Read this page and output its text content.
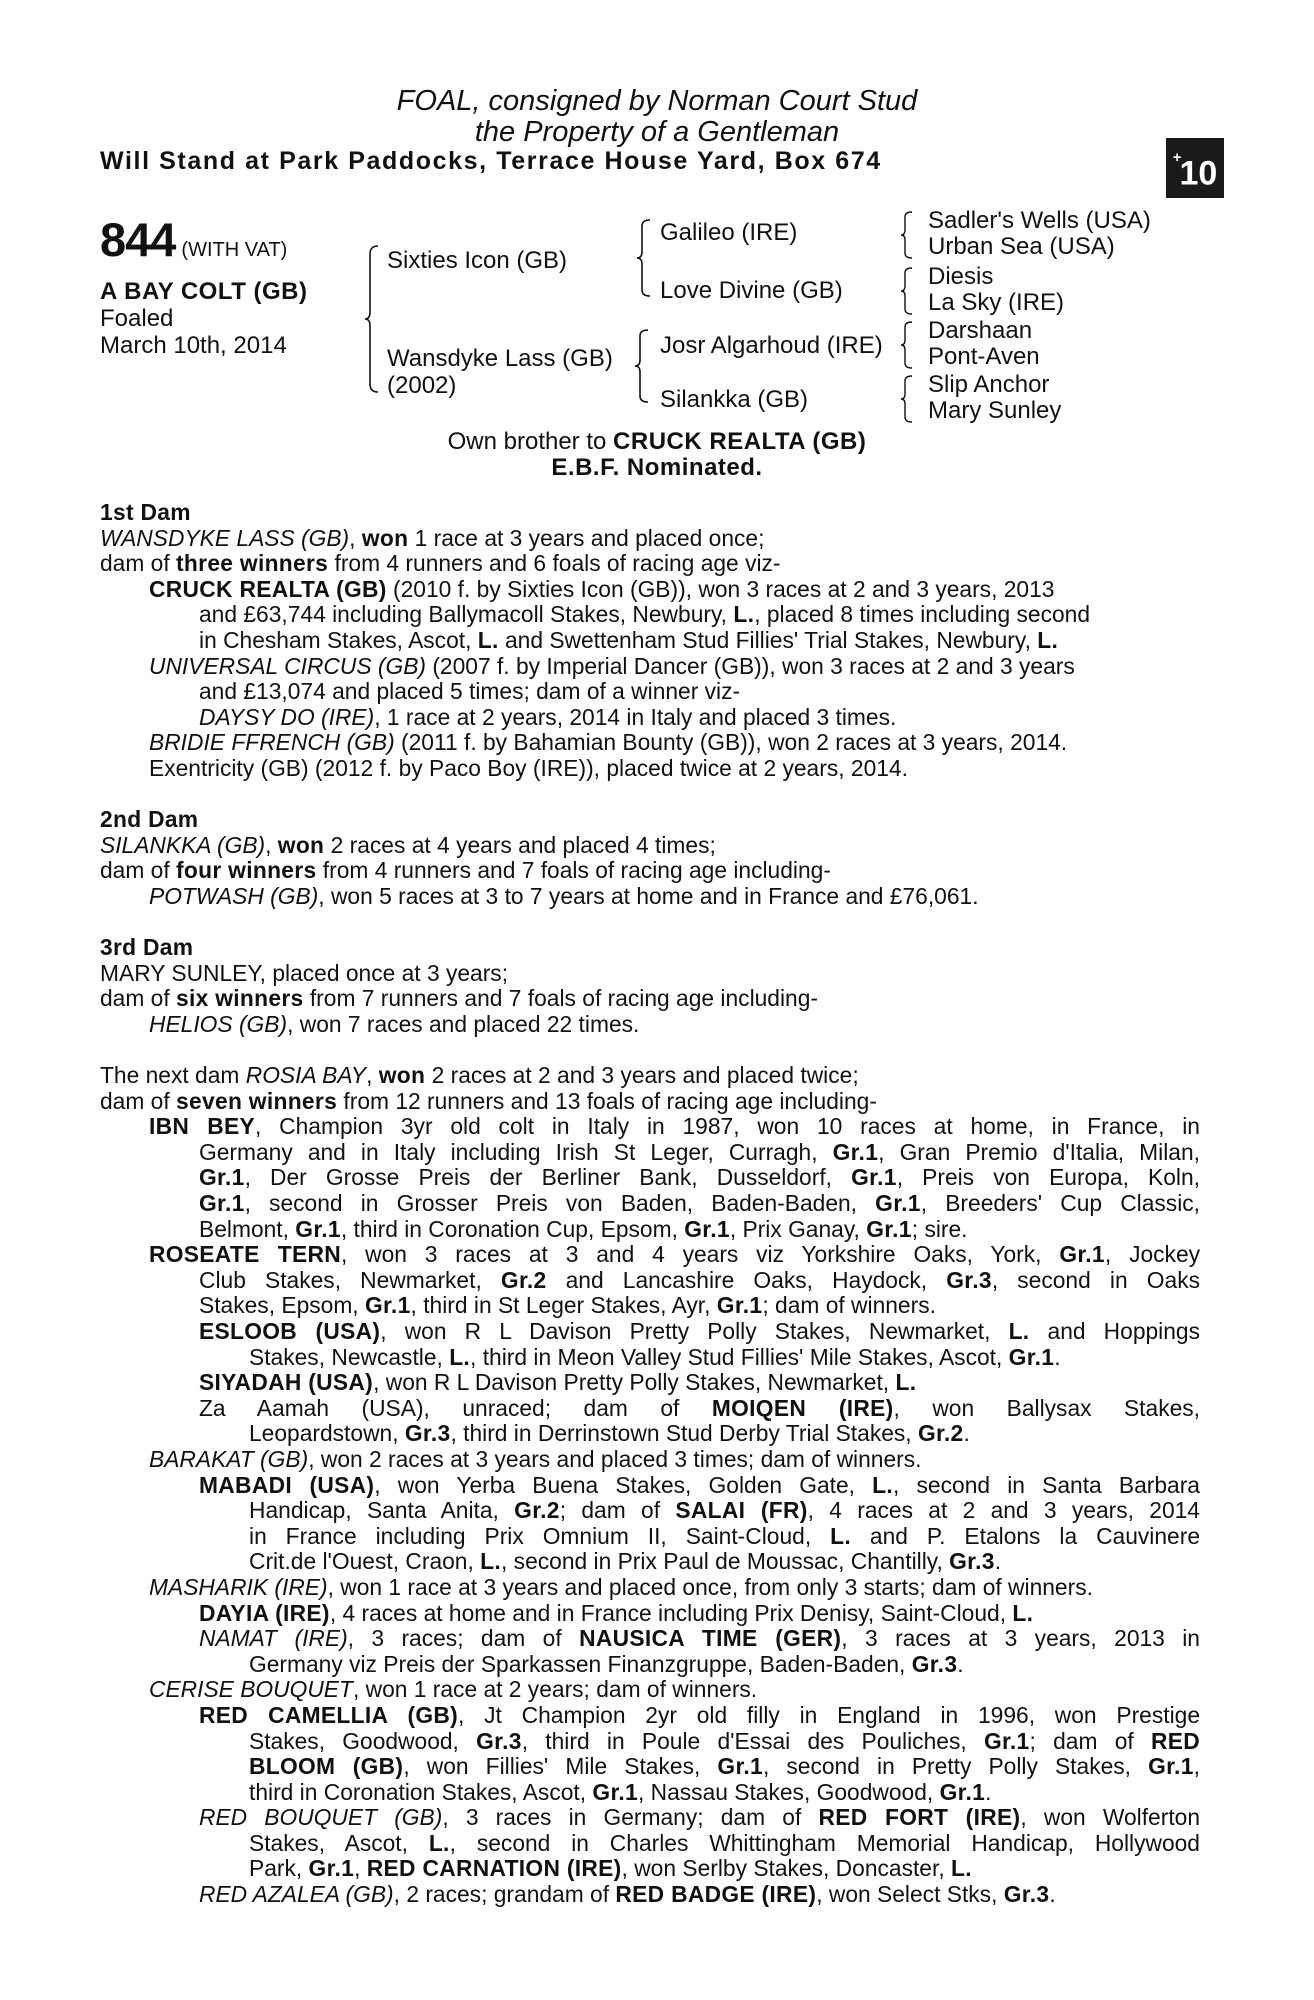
FOAL, consigned by Norman Court Stud
the Property of a Gentleman
Will Stand at Park Paddocks, Terrace House Yard, Box 674	+10
844 (WITH VAT)
A BAY COLT (GB)
Foaled
March 10th, 2014
Sixties Icon (GB)
Wansdyke Lass (GB)
(2002)
Galileo (IRE)
Love Divine (GB)
Josr Algarhoud (IRE)
Silankka (GB)
Sadler's Wells (USA)
Urban Sea (USA)
Diesis
La Sky (IRE)
Darshaan
Pont-Aven
Slip Anchor
Mary Sunley
Own brother to CRUCK REALTA (GB)
E.B.F. Nominated.
1st Dam
WANSDYKE LASS (GB), won 1 race at 3 years and placed once;
dam of three winners from 4 runners and 6 foals of racing age viz-
CRUCK REALTA (GB) (2010 f. by Sixties Icon (GB)), won 3 races at 2 and 3 years, 2013
and £63,744 including Ballymacoll Stakes, Newbury, L., placed 8 times including second
in Chesham Stakes, Ascot, L. and Swettenham Stud Fillies' Trial Stakes, Newbury, L.
UNIVERSAL CIRCUS (GB) (2007 f. by Imperial Dancer (GB)), won 3 races at 2 and 3 years
and £13,074 and placed 5 times; dam of a winner viz-
DAYSY DO (IRE), 1 race at 2 years, 2014 in Italy and placed 3 times.
BRIDIE FFRENCH (GB) (2011 f. by Bahamian Bounty (GB)), won 2 races at 3 years, 2014.
Exentricity (GB) (2012 f. by Paco Boy (IRE)), placed twice at 2 years, 2014.
2nd Dam
SILANKKA (GB), won 2 races at 4 years and placed 4 times;
dam of four winners from 4 runners and 7 foals of racing age including-
POTWASH (GB), won 5 races at 3 to 7 years at home and in France and £76,061.
3rd Dam
MARY SUNLEY, placed once at 3 years;
dam of six winners from 7 runners and 7 foals of racing age including-
HELIOS (GB), won 7 races and placed 22 times.
The next dam ROSIA BAY, won 2 races at 2 and 3 years and placed twice;
dam of seven winners from 12 runners and 13 foals of racing age including-
IBN BEY, Champion 3yr old colt in Italy in 1987, won 10 races at home, in France, in
Germany and in Italy including Irish St Leger, Curragh, Gr.1, Gran Premio d'Italia, Milan,
Gr.1, Der Grosse Preis der Berliner Bank, Dusseldorf, Gr.1, Preis von Europa, Koln,
Gr.1, second in Grosser Preis von Baden, Baden-Baden, Gr.1, Breeders' Cup Classic,
Belmont, Gr.1, third in Coronation Cup, Epsom, Gr.1, Prix Ganay, Gr.1; sire.
ROSEATE TERN, won 3 races at 3 and 4 years viz Yorkshire Oaks, York, Gr.1, Jockey
Club Stakes, Newmarket, Gr.2 and Lancashire Oaks, Haydock, Gr.3, second in Oaks
Stakes, Epsom, Gr.1, third in St Leger Stakes, Ayr, Gr.1; dam of winners.
ESLOOB (USA), won R L Davison Pretty Polly Stakes, Newmarket, L. and Hoppings
Stakes, Newcastle, L., third in Meon Valley Stud Fillies' Mile Stakes, Ascot, Gr.1.
SIYADAH (USA), won R L Davison Pretty Polly Stakes, Newmarket, L.
Za Aamah (USA), unraced; dam of MOIQEN (IRE), won Ballysax Stakes,
Leopardstown, Gr.3, third in Derrinstown Stud Derby Trial Stakes, Gr.2.
BARAKAT (GB), won 2 races at 3 years and placed 3 times; dam of winners.
MABADI (USA), won Yerba Buena Stakes, Golden Gate, L., second in Santa Barbara
Handicap, Santa Anita, Gr.2; dam of SALAI (FR), 4 races at 2 and 3 years, 2014
in France including Prix Omnium II, Saint-Cloud, L. and P. Etalons la Cauvinere
Crit.de l'Ouest, Craon, L., second in Prix Paul de Moussac, Chantilly, Gr.3.
MASHARIK (IRE), won 1 race at 3 years and placed once, from only 3 starts; dam of winners.
DAYIA (IRE), 4 races at home and in France including Prix Denisy, Saint-Cloud, L.
NAMAT (IRE), 3 races; dam of NAUSICA TIME (GER), 3 races at 3 years, 2013 in
Germany viz Preis der Sparkassen Finanzgruppe, Baden-Baden, Gr.3.
CERISE BOUQUET, won 1 race at 2 years; dam of winners.
RED CAMELLIA (GB), Jt Champion 2yr old filly in England in 1996, won Prestige
Stakes, Goodwood, Gr.3, third in Poule d'Essai des Pouliches, Gr.1; dam of RED
BLOOM (GB), won Fillies' Mile Stakes, Gr.1, second in Pretty Polly Stakes, Gr.1,
third in Coronation Stakes, Ascot, Gr.1, Nassau Stakes, Goodwood, Gr.1.
RED BOUQUET (GB), 3 races in Germany; dam of RED FORT (IRE), won Wolferton
Stakes, Ascot, L., second in Charles Whittingham Memorial Handicap, Hollywood
Park, Gr.1, RED CARNATION (IRE), won Serlby Stakes, Doncaster, L.
RED AZALEA (GB), 2 races; grandam of RED BADGE (IRE), won Select Stks, Gr.3.
